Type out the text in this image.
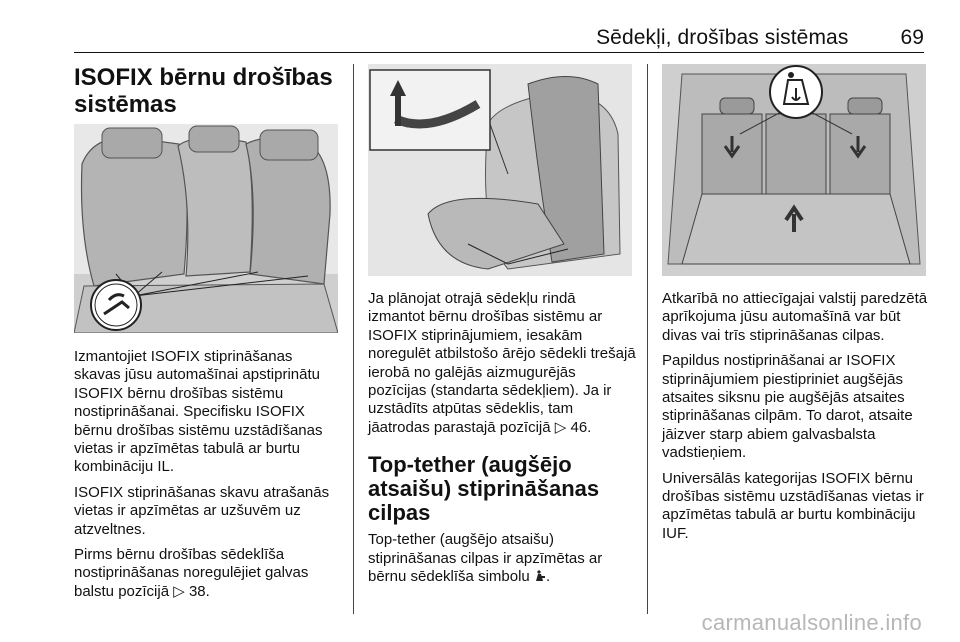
Sēdekļi, drošības sistēmas 69
ISOFIX bērnu drošības sistēmas

Izmantojiet ISOFIX stiprināšanas skavas jūsu automašīnai apstiprinātu ISOFIX bērnu drošības sistēmu nostiprināšanai. Specifisku ISOFIX bērnu drošības sistēmu uzstādīšanas vietas ir apzīmētas tabulā ar burtu kombināciju IL.

ISOFIX stiprināšanas skavu atrašanās vietas ir apzīmētas ar uzšuvēm uz atzveltnes.

Pirms bērnu drošības sēdeklīša nostiprināšanas noregulējiet galvas balstu pozīcijā ▷ 38.

Ja plānojat otrajā sēdekļu rindā izmantot bērnu drošības sistēmu ar ISOFIX stiprinājumiem, iesakām noregulēt atbilstošo ārējo sēdekli trešajā ierobā no galējās aizmugurējās pozīcijas (standarta sēdekļiem). Ja ir uzstādīts atpūtas sēdeklis, tam jāatrodas parastajā pozīcijā ▷ 46.

Top-tether (augšējo atsaišu) stiprināšanas cilpas

Top-tether (augšējo atsaišu) stiprināšanas cilpas ir apzīmētas ar bērnu sēdeklīša simbolu .

Atkarībā no attiecīgajai valstij paredzētā aprīkojuma jūsu automašīnā var būt divas vai trīs stiprināšanas cilpas.

Papildus nostiprināšanai ar ISOFIX stiprinājumiem piestipriniet augšējās atsaites siksnu pie augšējās atsaites stiprināšanas cilpām. To darot, atsaite jāizver starp abiem galvasbalsta vadstieņiem.

Universālās kategorijas ISOFIX bērnu drošības sistēmu uzstādīšanas vietas ir apzīmētas tabulā ar burtu kombināciju IUF.

carmanualsonline.info
